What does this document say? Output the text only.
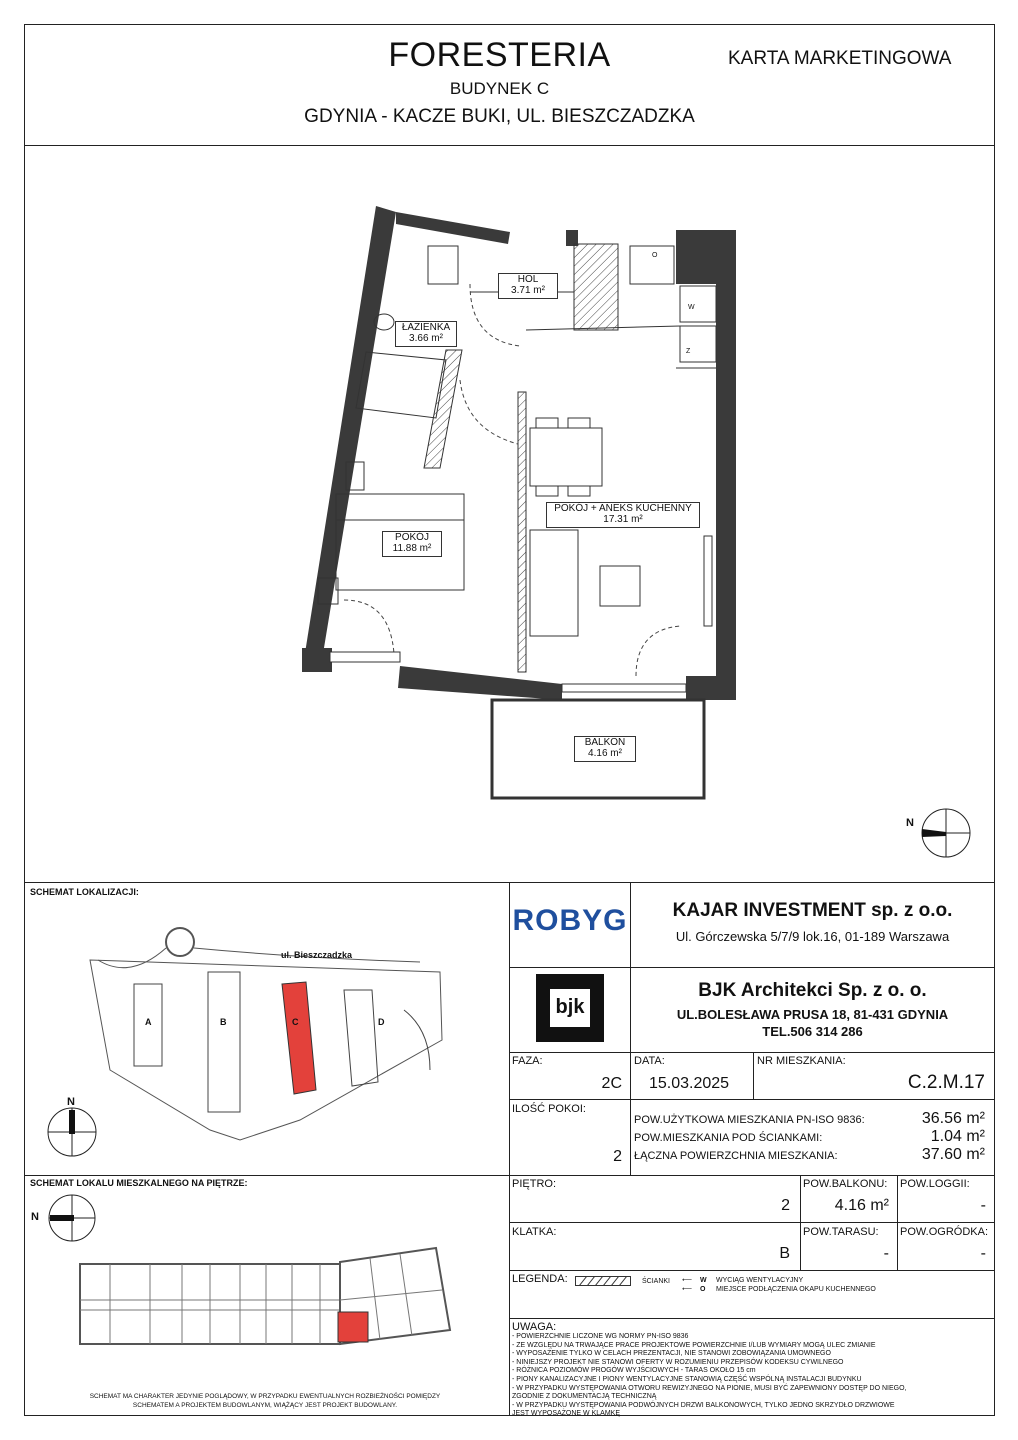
FORESTERIA
BUDYNEK C
GDYNIA - KACZE BUKI, UL. BIESZCZADZKA
KARTA MARKETINGOWA
HOL
3.71 m²
ŁAZIENKA
3.66 m²
POKÓJ
11.88 m²
POKÓJ + ANEKS KUCHENNY
17.31 m²
BALKON
4.16 m²
O
W
Z
N
SCHEMAT LOKALIZACJI:
ul. Bieszczadzka
A	B	C	D
N
SCHEMAT LOKALU MIESZKALNEGO NA PIĘTRZE:
N
SCHEMAT MA CHARAKTER JEDYNIE POGLĄDOWY, W PRZYPADKU EWENTUALNYCH ROZBIEŻNOŚCI POMIĘDZY
SCHEMATEM A PROJEKTEM BUDOWLANYM, WIĄŻĄCY JEST PROJEKT BUDOWLANY.
ROBYG	KAJAR INVESTMENT sp. z o.o.
Ul. Górczewska 5/7/9 lok.16, 01-189 Warszawa
bjk
BJK Architekci Sp. z o. o.
UL.BOLESŁAWA PRUSA 18, 81-431 GDYNIA
TEL.506 314 286
FAZA:
2C
DATA:
15.03.2025
NR MIESZKANIA:
C.2.M.17
ILOŚĆ POKOI:
2
POW.UŻYTKOWA MIESZKANIA PN-ISO 9836:	36.56 m²
POW.MIESZKANIA POD ŚCIANKAMI:	1.04 m²
ŁĄCZNA POWIERZCHNIA MIESZKANIA:	37.60 m²
PIĘTRO:
2
POW.BALKONU:
4.16 m²
POW.LOGGII:
-
KLATKA:
B
POW.TARASU:
-
POW.OGRÓDKA:
-
LEGENDA:	ŚCIANKI ⟵ W WYCIĄG WENTYLACYJNY
⟵ O MIEJSCE PODŁĄCZENIA OKAPU KUCHENNEGO
UWAGA:
- POWIERZCHNIE LICZONE WG NORMY PN-ISO 9836
- ZE WZGLĘDU NA TRWAJĄCE PRACE PROJEKTOWE POWIERZCHNIE I/LUB WYMIARY MOGĄ ULEC ZMIANIE
- WYPOSAŻENIE TYLKO W CELACH PREZENTACJI, NIE STANOWI ZOBOWIĄZANIA UMOWNEGO
- NINIEJSZY PROJEKT NIE STANOWI OFERTY W ROZUMIENIU PRZEPISÓW KODEKSU CYWILNEGO
- RÓŻNICA POZIOMÓW PROGÓW WYJŚCIOWYCH - TARAS OKOŁO 15 cm
- PIONY KANALIZACYJNE I PIONY WENTYLACYJNE STANOWIĄ CZĘŚĆ WSPÓLNĄ INSTALACJI BUDYNKU
- W PRZYPADKU WYSTĘPOWANIA OTWORU REWIZYJNEGO NA PIONIE, MUSI BYĆ ZAPEWNIONY DOSTĘP DO NIEGO,
ZGODNIE Z DOKUMENTACJĄ TECHNICZNĄ
- W PRZYPADKU WYSTĘPOWANIA PODWÓJNYCH DRZWI BALKONOWYCH, TYLKO JEDNO SKRZYDŁO DRZWIOWE
JEST WYPOSAŻONE W KLAMKĘ
